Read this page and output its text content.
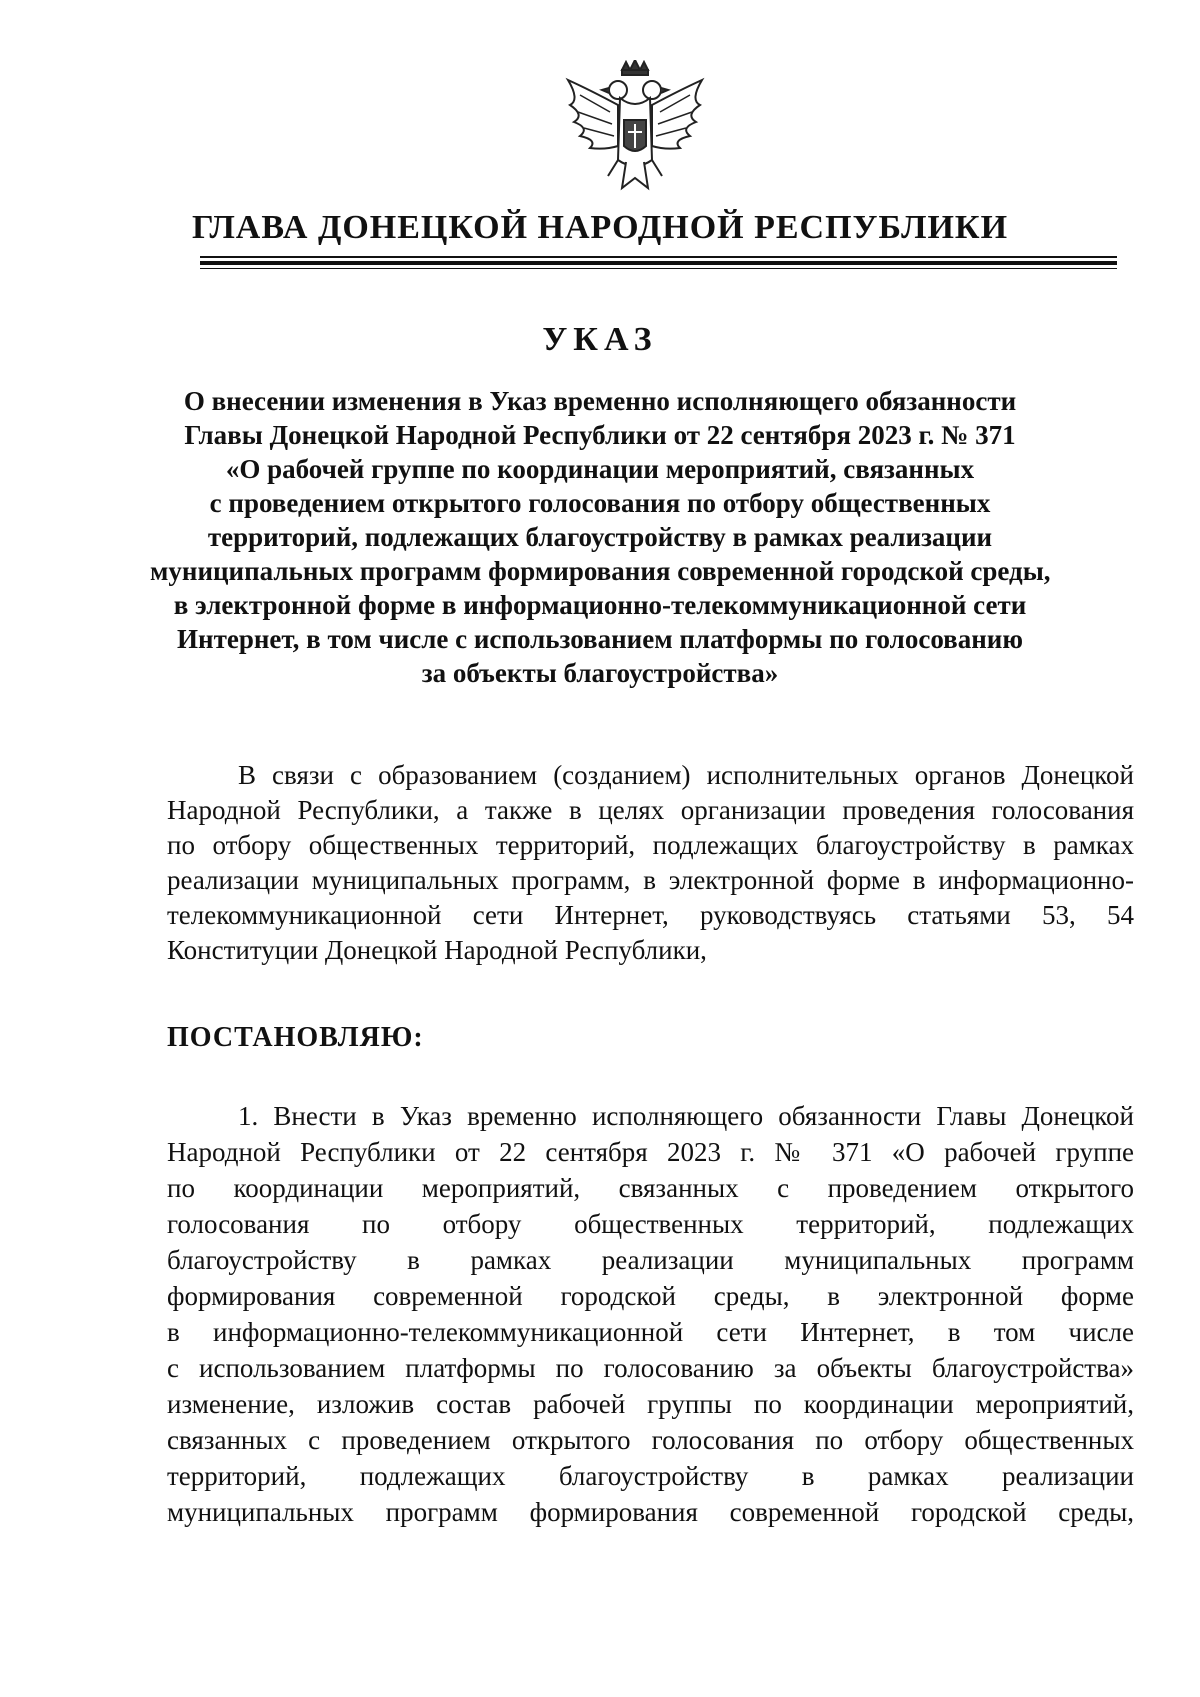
ГЛАВА ДОНЕЦКОЙ НАРОДНОЙ РЕСПУБЛИКИ
УКАЗ
О внесении изменения в Указ временно исполняющего обязанности
Главы Донецкой Народной Республики от 22 сентября 2023 г. № 371
«О рабочей группе по координации мероприятий, связанных
с проведением открытого голосования по отбору общественных
территорий, подлежащих благоустройству в рамках реализации
муниципальных программ формирования современной городской среды,
в электронной форме в информационно-телекоммуникационной сети
Интернет, в том числе с использованием платформы по голосованию
за объекты благоустройства»
В связи с образованием (созданием) исполнительных органов Донецкой
Народной Республики, а также в целях организации проведения голосования
по отбору общественных территорий, подлежащих благоустройству в рамках
реализации муниципальных программ, в электронной форме в информационно-
телекоммуникационной сети Интернет, руководствуясь статьями 53, 54
Конституции Донецкой Народной Республики,

ПОСТАНОВЛЯЮ:

1. Внести в Указ временно исполняющего обязанности Главы Донецкой
Народной Республики от 22 сентября 2023 г. № 371 «О рабочей группе
по координации мероприятий, связанных с проведением открытого
голосования по отбору общественных территорий, подлежащих
благоустройству в рамках реализации муниципальных программ
формирования современной городской среды, в электронной форме
в информационно-телекоммуникационной сети Интернет, в том числе
с использованием платформы по голосованию за объекты благоустройства»
изменение, изложив состав рабочей группы по координации мероприятий,
связанных с проведением открытого голосования по отбору общественных
территорий, подлежащих благоустройству в рамках реализации
муниципальных программ формирования современной городской среды,
